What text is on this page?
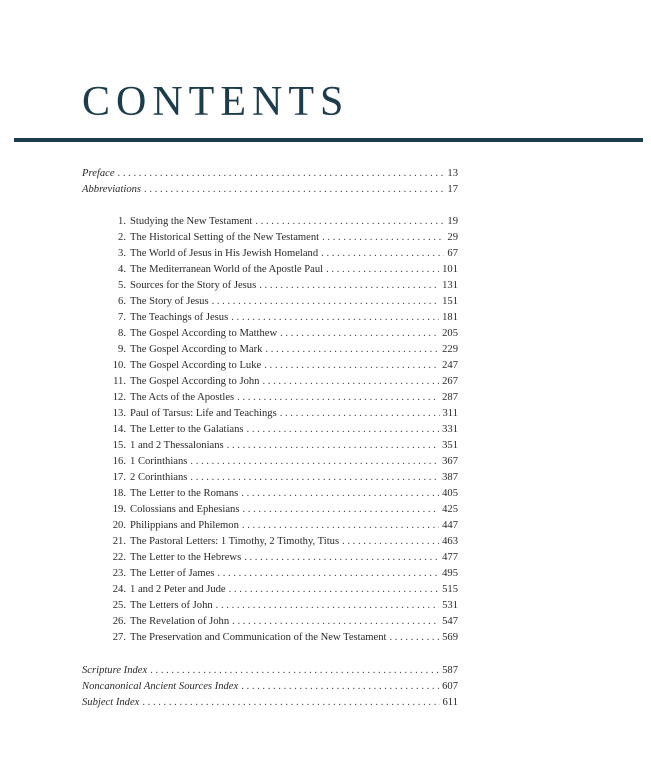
CONTENTS
Preface . . .	13
Abbreviations . . .	17
1. Studying the New Testament . . .	19
2. The Historical Setting of the New Testament . . .	29
3. The World of Jesus in His Jewish Homeland . . .	67
4. The Mediterranean World of the Apostle Paul . . .	101
5. Sources for the Story of Jesus . . .	131
6. The Story of Jesus . . .	151
7. The Teachings of Jesus . . .	181
8. The Gospel According to Matthew . . .	205
9. The Gospel According to Mark . . .	229
10. The Gospel According to Luke . . .	247
11. The Gospel According to John . . .	267
12. The Acts of the Apostles . . .	287
13. Paul of Tarsus: Life and Teachings . . .	311
14. The Letter to the Galatians . . .	331
15. 1 and 2 Thessalonians . . .	351
16. 1 Corinthians . . .	367
17. 2 Corinthians . . .	387
18. The Letter to the Romans . . .	405
19. Colossians and Ephesians . . .	425
20. Philippians and Philemon . . .	447
21. The Pastoral Letters: 1 Timothy, 2 Timothy, Titus . . .	463
22. The Letter to the Hebrews . . .	477
23. The Letter of James . . .	495
24. 1 and 2 Peter and Jude . . .	515
25. The Letters of John . . .	531
26. The Revelation of John . . .	547
27. The Preservation and Communication of the New Testament . . .	569
Scripture Index . . .	587
Noncanonical Ancient Sources Index . . .	607
Subject Index . . .	611
